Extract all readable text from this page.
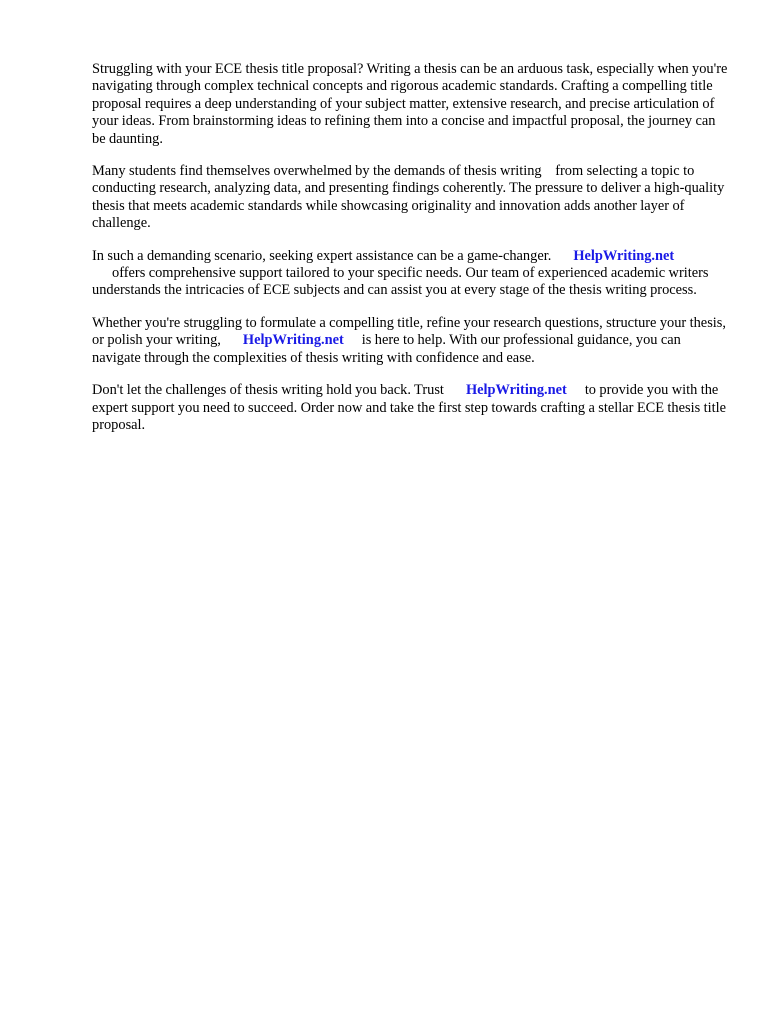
Struggling with your ECE thesis title proposal? Writing a thesis can be an arduous task, especially when you're navigating through complex technical concepts and rigorous academic standards. Crafting a compelling title proposal requires a deep understanding of your subject matter, extensive research, and precise articulation of your ideas. From brainstorming ideas to refining them into a concise and impactful proposal, the journey can be daunting.

Many students find themselves overwhelmed by the demands of thesis writing    from selecting a topic to conducting research, analyzing data, and presenting findings coherently. The pressure to deliver a high-quality thesis that meets academic standards while showcasing originality and innovation adds another layer of challenge.

In such a demanding scenario, seeking expert assistance can be a game-changer. HelpWriting.net
offers comprehensive support tailored to your specific needs. Our team of experienced academic writers understands the intricacies of ECE subjects and can assist you at every stage of the thesis writing process.

Whether you're struggling to formulate a compelling title, refine your research questions, structure your thesis, or polish your writing, HelpWriting.net is here to help. With our professional guidance, you can navigate through the complexities of thesis writing with confidence and ease.

Don't let the challenges of thesis writing hold you back. Trust HelpWriting.net to provide you with the expert support you need to succeed. Order now and take the first step towards crafting a stellar ECE thesis title proposal.
